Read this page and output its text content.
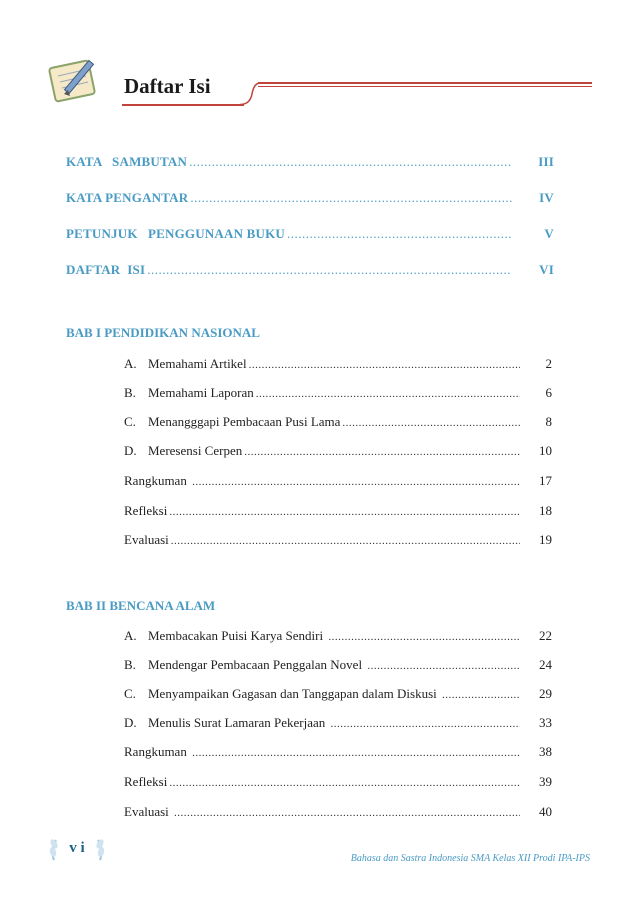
Daftar Isi
KATA   SAMBUTAN .....	III
KATA PENGANTAR .....	IV
PETUNJUK   PENGGUNAAN BUKU .....	V
DAFTAR  ISI .....	VI
BAB I PENDIDIKAN NASIONAL
A. Memahami Artikel .....	2
B. Memahami Laporan .....	6
C. Menangggapi Pembacaan Pusi Lama .....	8
D. Meresensi Cerpen .....	10
Rangkuman .....	17
Refleksi .....	18
Evaluasi .....	19
BAB II BENCANA ALAM
A. Membacakan Puisi Karya Sendiri .....	22
B. Mendengar Pembacaan Penggalan Novel .....	24
C. Menyampaikan Gagasan dan Tanggapan dalam Diskusi .....	29
D. Menulis Surat Lamaran Pekerjaan .....	33
Rangkuman .....	38
Refleksi .....	39
Evaluasi .....	40
v i
Bahasa dan Sastra Indonesia SMA Kelas XII Prodi IPA-IPS
